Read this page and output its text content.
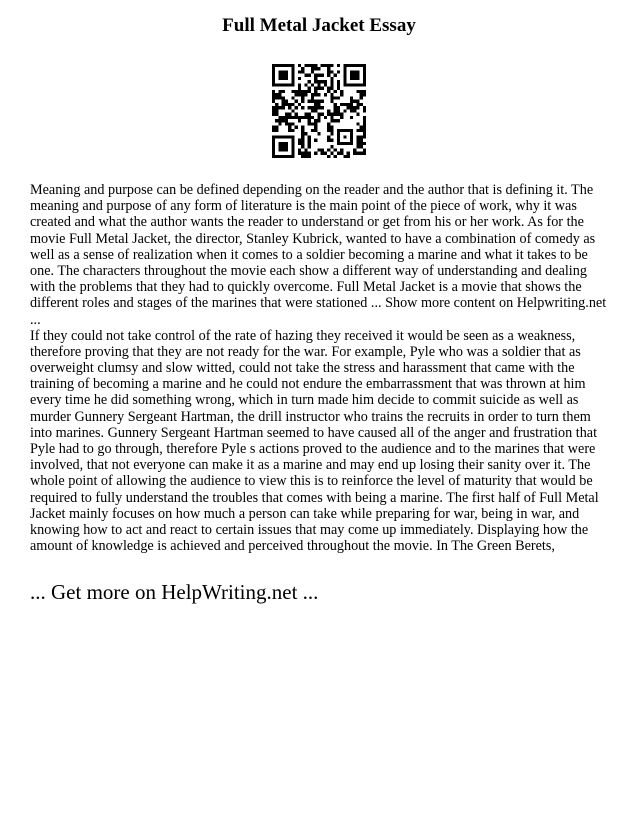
Full Metal Jacket Essay
Meaning and purpose can be defined depending on the reader and the author that is defining it. The
meaning and purpose of any form of literature is the main point of the piece of work, why it was
created and what the author wants the reader to understand or get from his or her work. As for the
movie Full Metal Jacket, the director, Stanley Kubrick, wanted to have a combination of comedy as
well as a sense of realization when it comes to a soldier becoming a marine and what it takes to be
one. The characters throughout the movie each show a different way of understanding and dealing
with the problems that they had to quickly overcome. Full Metal Jacket is a movie that shows the
different roles and stages of the marines that were stationed ... Show more content on Helpwriting.net
...
If they could not take control of the rate of hazing they received it would be seen as a weakness,
therefore proving that they are not ready for the war. For example, Pyle who was a soldier that as
overweight clumsy and slow witted, could not take the stress and harassment that came with the
training of becoming a marine and he could not endure the embarrassment that was thrown at him
every time he did something wrong, which in turn made him decide to commit suicide as well as
murder Gunnery Sergeant Hartman, the drill instructor who trains the recruits in order to turn them
into marines. Gunnery Sergeant Hartman seemed to have caused all of the anger and frustration that
Pyle had to go through, therefore Pyle s actions proved to the audience and to the marines that were
involved, that not everyone can make it as a marine and may end up losing their sanity over it. The
whole point of allowing the audience to view this is to reinforce the level of maturity that would be
required to fully understand the troubles that comes with being a marine. The first half of Full Metal
Jacket mainly focuses on how much a person can take while preparing for war, being in war, and
knowing how to act and react to certain issues that may come up immediately. Displaying how the
amount of knowledge is achieved and perceived throughout the movie. In The Green Berets,
... Get more on HelpWriting.net ...
